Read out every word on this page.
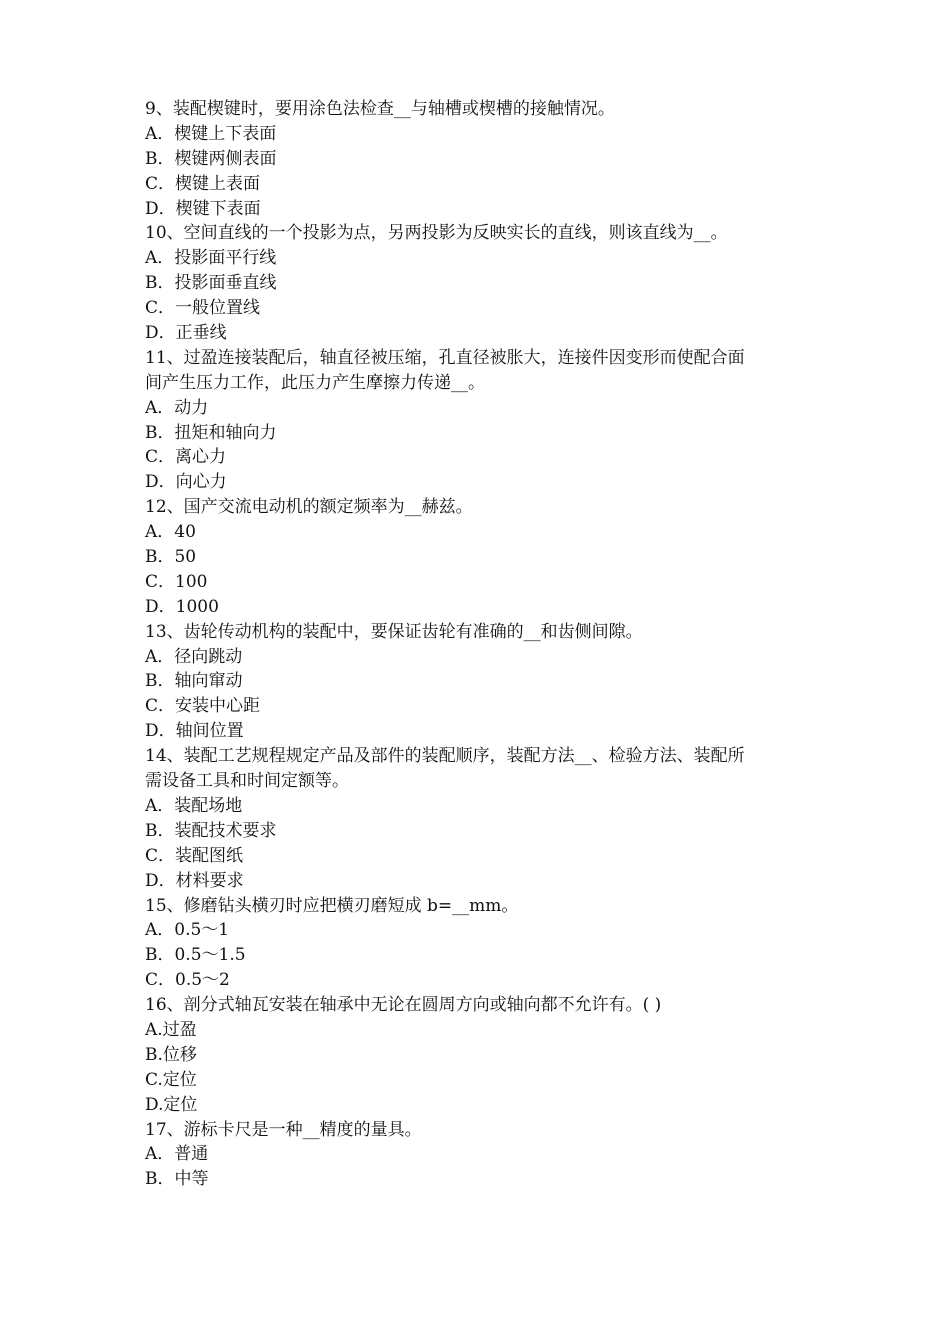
9、装配楔键时，要用涂色法检查__与轴槽或楔槽的接触情况。
A．楔键上下表面
B．楔键两侧表面
C．楔键上表面
D．楔键下表面
10、空间直线的一个投影为点，另两投影为反映实长的直线，则该直线为__。
A．投影面平行线
B．投影面垂直线
C．一般位置线
D．正垂线
11、过盈连接装配后，轴直径被压缩，孔直径被胀大，连接件因变形而使配合面
间产生压力工作，此压力产生摩擦力传递__。
A．动力
B．扭矩和轴向力
C．离心力
D．向心力
12、国产交流电动机的额定频率为__赫兹。
A．40
B．50
C．100
D．1000
13、齿轮传动机构的装配中，要保证齿轮有准确的__和齿侧间隙。
A．径向跳动
B．轴向窜动
C．安装中心距
D．轴间位置
14、装配工艺规程规定产品及部件的装配顺序，装配方法__、检验方法、装配所
需设备工具和时间定额等。
A．装配场地
B．装配技术要求
C．装配图纸
D．材料要求
15、修磨钻头横刃时应把横刃磨短成 b=__mm。
A．0.5～1
B．0.5～1.5
C．0.5～2
16、剖分式轴瓦安装在轴承中无论在圆周方向或轴向都不允许有。( )
A.过盈
B.位移
C.定位
D.定位
17、游标卡尺是一种__精度的量具。
A．普通
B．中等
